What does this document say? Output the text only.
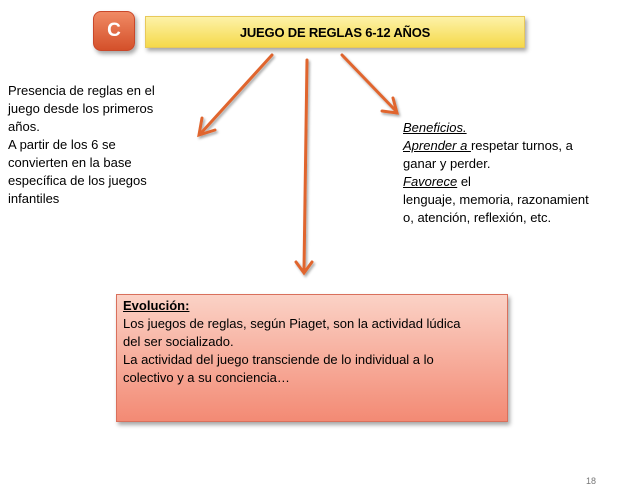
C	JUEGO DE REGLAS 6-12 AÑOS
Presencia de reglas en el
juego desde los primeros
años.
A partir de los 6 se
convierten en la base
específica de los juegos
infantiles
Beneficios.
Aprender a respetar turnos, a
ganar y perder.
Favorece el
lenguaje, memoria, razonamient
o, atención, reflexión, etc.
Evolución:
Los juegos de reglas, según Piaget, son la actividad lúdica
del ser socializado.
La actividad del juego transciende de lo individual a lo
colectivo y a su conciencia…
18
